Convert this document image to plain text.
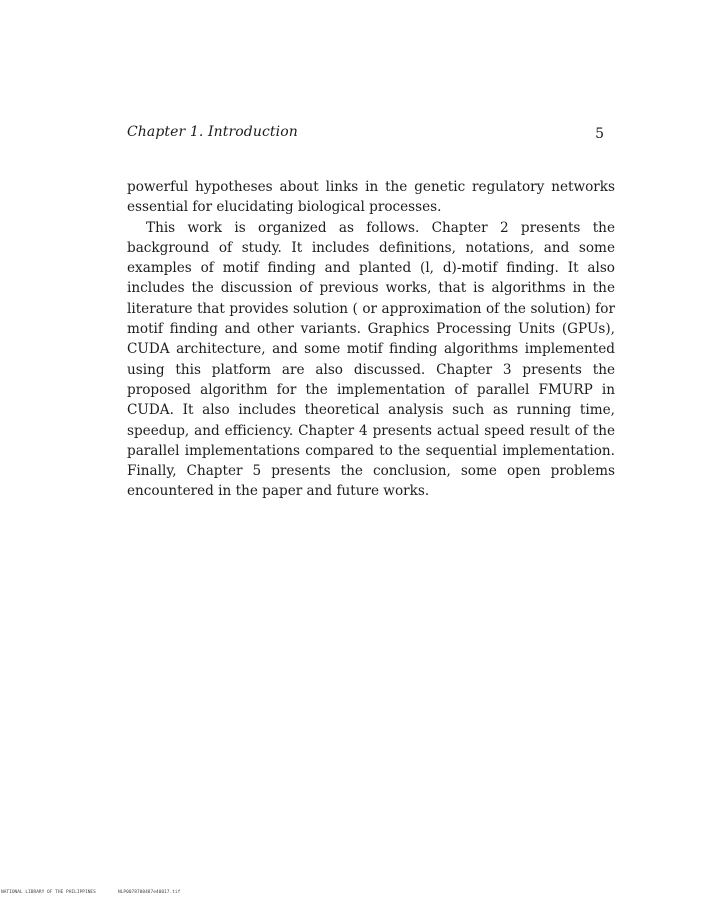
Chapter 1. Introduction	5

powerful hypotheses about links in the genetic regulatory networks essential for elucidating biological processes.

This work is organized as follows. Chapter 2 presents the background of study. It includes definitions, notations, and some examples of motif finding and planted (l, d)-motif finding. It also includes the discussion of previous works, that is algorithms in the literature that provides solution ( or approximation of the solution) for motif finding and other variants. Graphics Processing Units (GPUs), CUDA architecture, and some motif finding algorithms implemented using this platform are also discussed. Chapter 3 presents the proposed algorithm for the implementation of parallel FMURP in CUDA. It also includes theoretical analysis such as running time, speedup, and efficiency. Chapter 4 presents actual speed result of the parallel implementations compared to the sequential implementation. Finally, Chapter 5 presents the conclusion, some open problems encountered in the paper and future works.

NATIONAL LIBRARY OF THE PHILIPPINES	NLP0078700487e40017.tif
